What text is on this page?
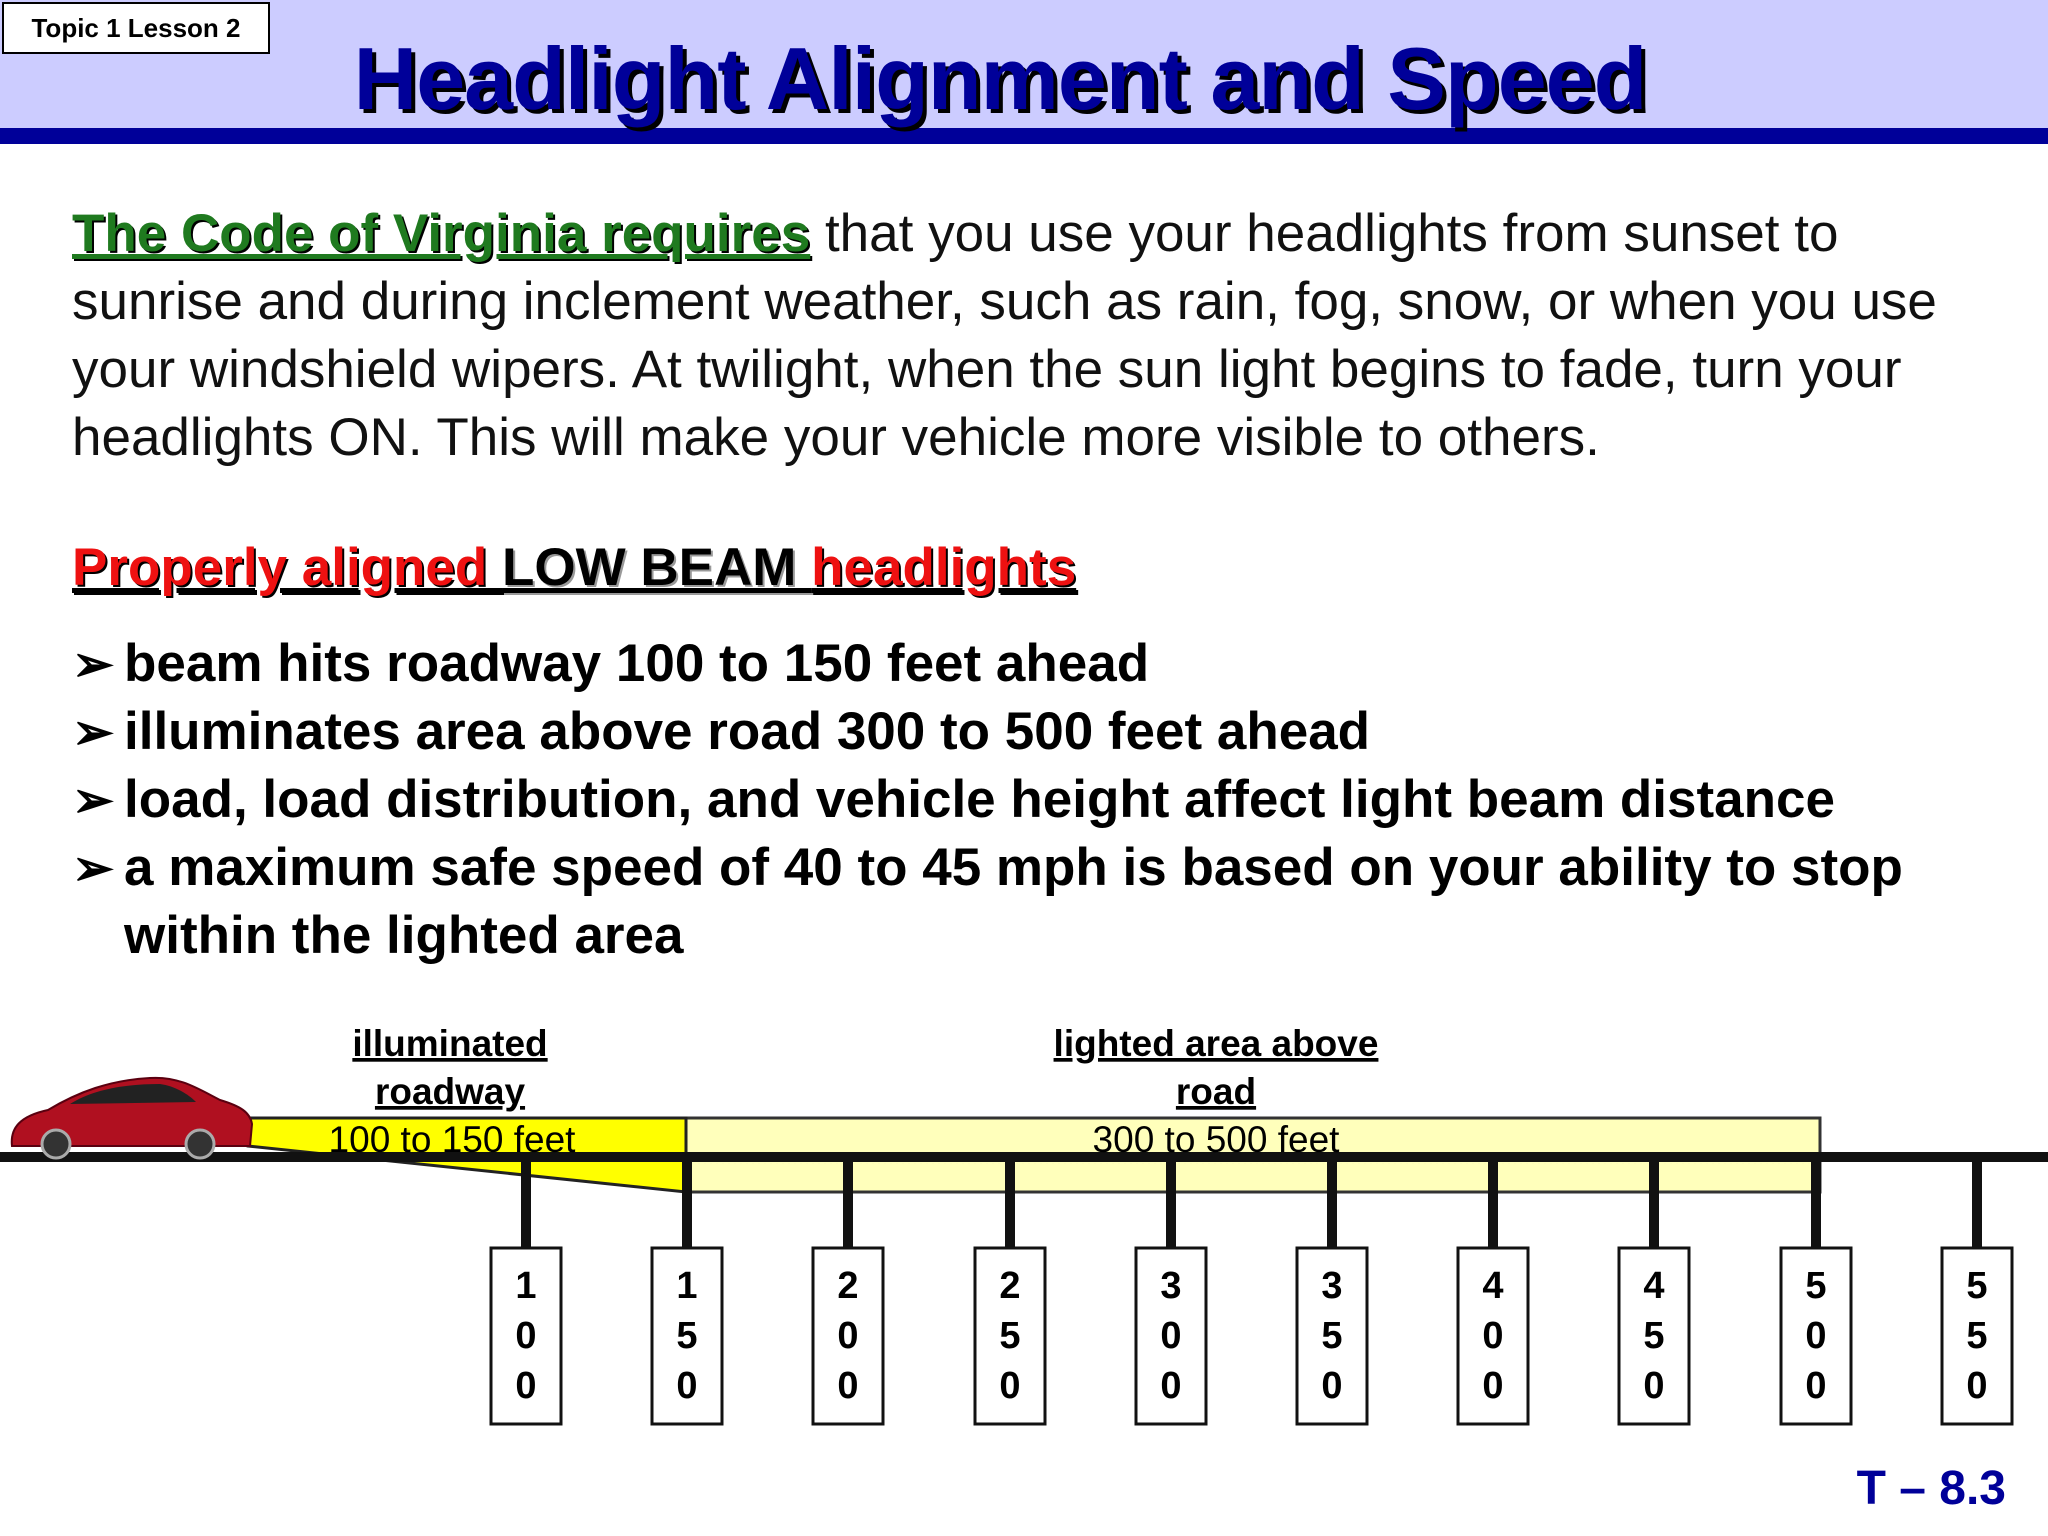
Topic 1 Lesson 2
Headlight Alignment and Speed
The Code of Virginia requires that you use your headlights from sunset to sunrise and during inclement weather, such as rain, fog, snow, or when you use your windshield wipers. At twilight, when the sun light begins to fade, turn your headlights ON. This will make your vehicle more visible to others.
Properly aligned LOW BEAM headlights
➢ beam hits roadway 100 to 150 feet ahead
➢ illuminates area above road 300 to 500 feet ahead
➢ load, load distribution, and vehicle height affect light beam distance
➢ a maximum safe speed of 40 to 45 mph is based on your ability to stop within the lighted area
illuminated
roadway
100 to 150 feet
lighted area above
road
300 to 500 feet
1 0 0
1 5 0
2 0 0
2 5 0
3 0 0
3 5 0
4 0 0
4 5 0
5 0 0
5 5 0
T – 8.3
